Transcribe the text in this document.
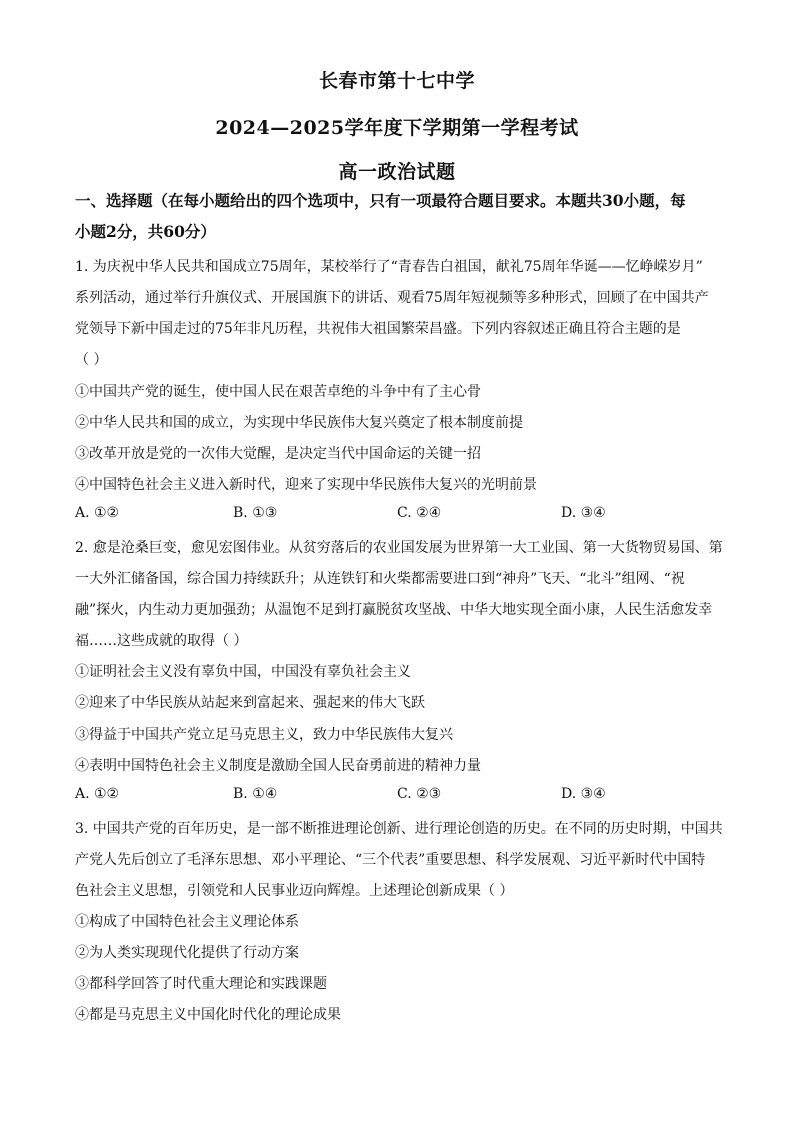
长春市第十七中学
2024—2025学年度下学期第一学程考试
高一政治试题
一、选择题（在每小题给出的四个选项中，只有一项最符合题目要求。本题共30小题，每
小题2分，共60分）
1. 为庆祝中华人民共和国成立75周年，某校举行了“青春告白祖国，献礼75周年华诞——忆峥嵘岁月”
系列活动，通过举行升旗仪式、开展国旗下的讲话、观看75周年短视频等多种形式，回顾了在中国共产
党领导下新中国走过的75年非凡历程，共祝伟大祖国繁荣昌盛。下列内容叙述正确且符合主题的是
（ ）
①中国共产党的诞生，使中国人民在艰苦卓绝的斗争中有了主心骨
②中华人民共和国的成立，为实现中华民族伟大复兴奠定了根本制度前提
③改革开放是党的一次伟大觉醒，是决定当代中国命运的关键一招
④中国特色社会主义进入新时代，迎来了实现中华民族伟大复兴的光明前景
A. ①②	B. ①③	C. ②④	D. ③④
2. 愈是沧桑巨变，愈见宏图伟业。从贫穷落后的农业国发展为世界第一大工业国、第一大货物贸易国、第
一大外汇储备国，综合国力持续跃升；从连铁钉和火柴都需要进口到“神舟”飞天、“北斗”组网、“祝
融”探火，内生动力更加强劲；从温饱不足到打赢脱贫攻坚战、中华大地实现全面小康，人民生活愈发幸
福……这些成就的取得（ ）
①证明社会主义没有辜负中国，中国没有辜负社会主义
②迎来了中华民族从站起来到富起来、强起来的伟大飞跃
③得益于中国共产党立足马克思主义，致力中华民族伟大复兴
④表明中国特色社会主义制度是激励全国人民奋勇前进的精神力量
A. ①②	B. ①④	C. ②③	D. ③④
3. 中国共产党的百年历史，是一部不断推进理论创新、进行理论创造的历史。在不同的历史时期，中国共
产党人先后创立了毛泽东思想、邓小平理论、“三个代表”重要思想、科学发展观、习近平新时代中国特
色社会主义思想，引领党和人民事业迈向辉煌。上述理论创新成果（ ）
①构成了中国特色社会主义理论体系
②为人类实现现代化提供了行动方案
③都科学回答了时代重大理论和实践课题
④都是马克思主义中国化时代化的理论成果
